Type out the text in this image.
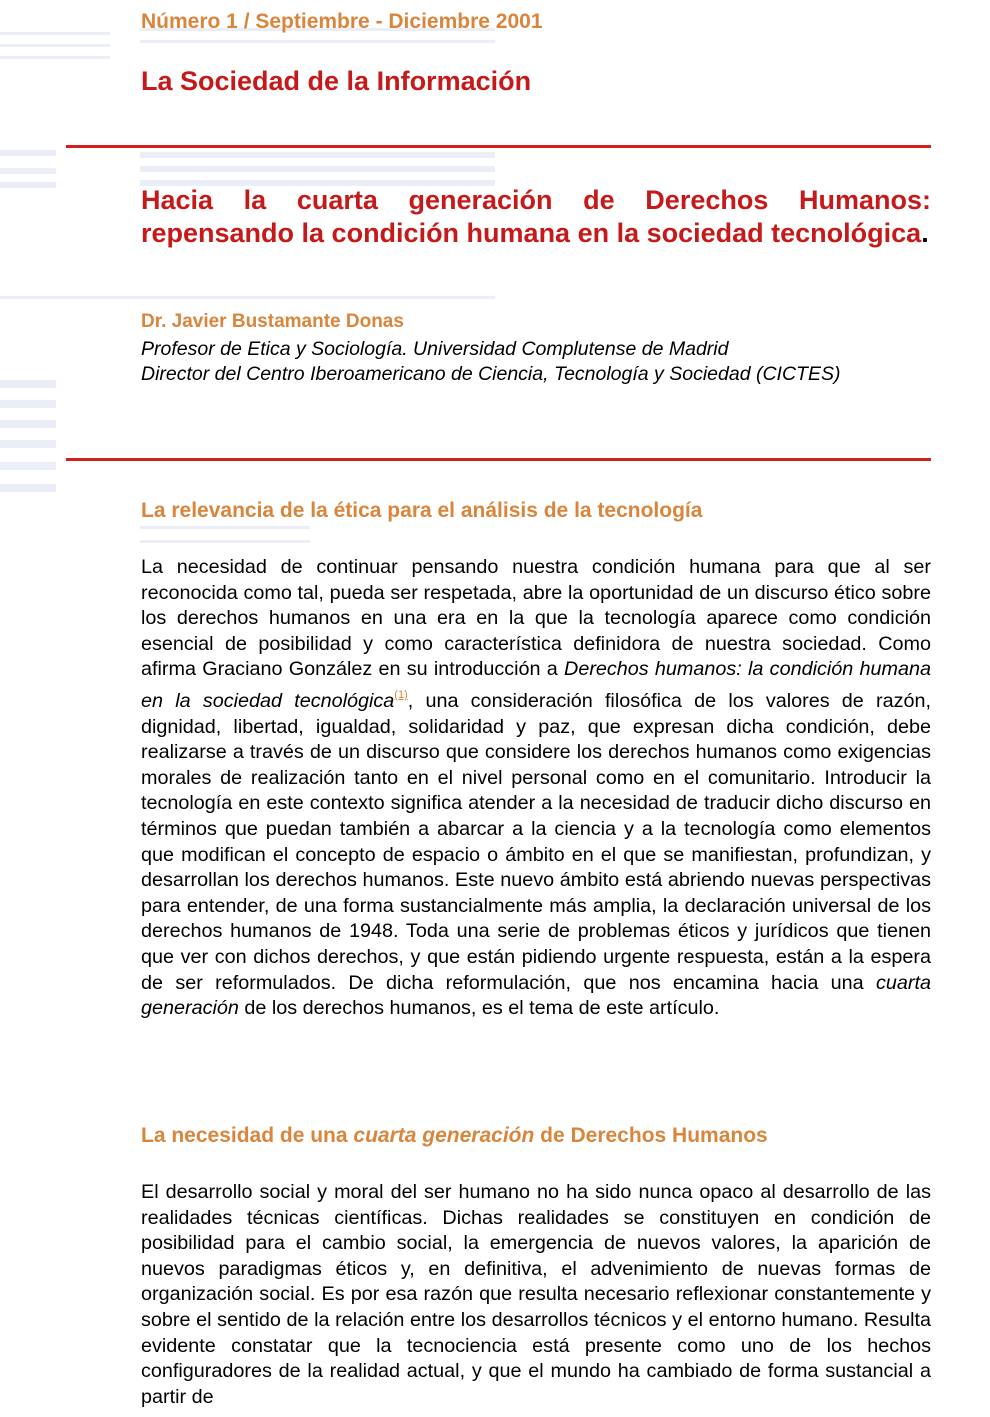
Número 1 / Septiembre - Diciembre 2001
La Sociedad de la Información
Hacia la cuarta generación de Derechos Humanos: repensando la condición humana en la sociedad tecnológica.
Dr. Javier Bustamante Donas
Profesor de Etica y Sociología. Universidad Complutense de Madrid
Director del Centro Iberoamericano de Ciencia, Tecnología y Sociedad (CICTES)
La relevancia de la ética para el análisis de la tecnología
La necesidad de continuar pensando nuestra condición humana para que al ser reconocida como tal, pueda ser respetada, abre la oportunidad de un discurso ético sobre los derechos humanos en una era en la que la tecnología aparece como condición esencial de posibilidad y como característica definidora de nuestra sociedad. Como afirma Graciano González en su introducción a Derechos humanos: la condición humana en la sociedad tecnológica$^{(1)}$, una consideración filosófica de los valores de razón, dignidad, libertad, igualdad, solidaridad y paz, que expresan dicha condición, debe realizarse a través de un discurso que considere los derechos humanos como exigencias morales de realización tanto en el nivel personal como en el comunitario. Introducir la tecnología en este contexto significa atender a la necesidad de traducir dicho discurso en términos que puedan también a abarcar a la ciencia y a la tecnología como elementos que modifican el concepto de espacio o ámbito en el que se manifiestan, profundizan, y desarrollan los derechos humanos. Este nuevo ámbito está abriendo nuevas perspectivas para entender, de una forma sustancialmente más amplia, la declaración universal de los derechos humanos de 1948. Toda una serie de problemas éticos y jurídicos que tienen que ver con dichos derechos, y que están pidiendo urgente respuesta, están a la espera de ser reformulados. De dicha reformulación, que nos encamina hacia una cuarta generación de los derechos humanos, es el tema de este artículo.
La necesidad de una cuarta generación de Derechos Humanos
El desarrollo social y moral del ser humano no ha sido nunca opaco al desarrollo de las realidades técnicas científicas. Dichas realidades se constituyen en condición de posibilidad para el cambio social, la emergencia de nuevos valores, la aparición de nuevos paradigmas éticos y, en definitiva, el advenimiento de nuevas formas de organización social. Es por esa razón que resulta necesario reflexionar constantemente y sobre el sentido de la relación entre los desarrollos técnicos y el entorno humano. Resulta evidente constatar que la tecnociencia está presente como uno de los hechos configuradores de la realidad actual, y que el mundo ha cambiado de forma sustancial a partir de
